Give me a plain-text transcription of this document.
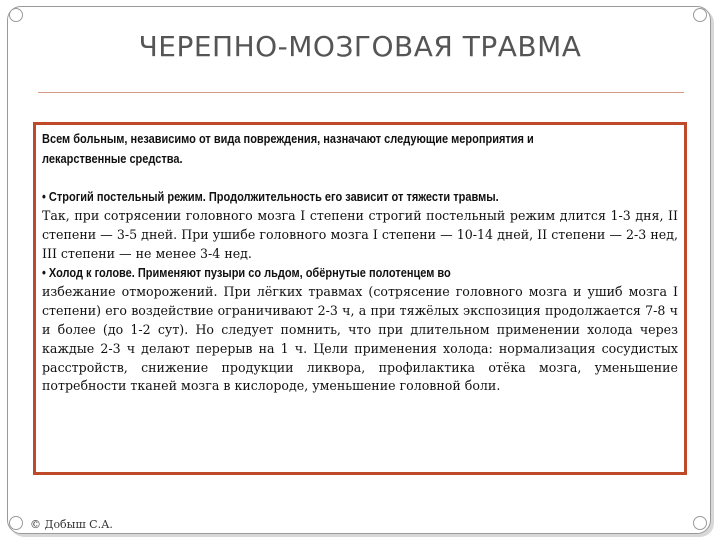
ЧЕРЕПНО-МОЗГОВАЯ ТРАВМА
Всем больным, независимо от вида повреждения, назначают следующие мероприятия и
лекарственные средства.
• Строгий постельный режим. Продолжительность его зависит от тяжести травмы.

Так, при сотрясении головного мозга I степени строгий постельный режим длится 1-3 дня, II степени — 3-5 дней. При ушибе головного мозга I степени — 10-14 дней, II степени — 2-3 нед, III степени — не менее 3-4 нед.

• Холод к голове. Применяют пузыри со льдом, обёрнутые полотенцем во

избежание отморожений. При лёгких травмах (сотрясение головного мозга и ушиб мозга I степени) его воздействие ограничивают 2-3 ч, а при тяжёлых экспозиция продолжается 7-8 ч и более (до 1-2 сут). Но следует помнить, что при длительном применении холода через каждые 2-3 ч делают перерыв на 1 ч. Цели применения холода: нормализация сосудистых расстройств, снижение продукции ликвора, профилактика отёка мозга, уменьшение потребности тканей мозга в кислороде, уменьшение головной боли.

© Добыш С.А.
